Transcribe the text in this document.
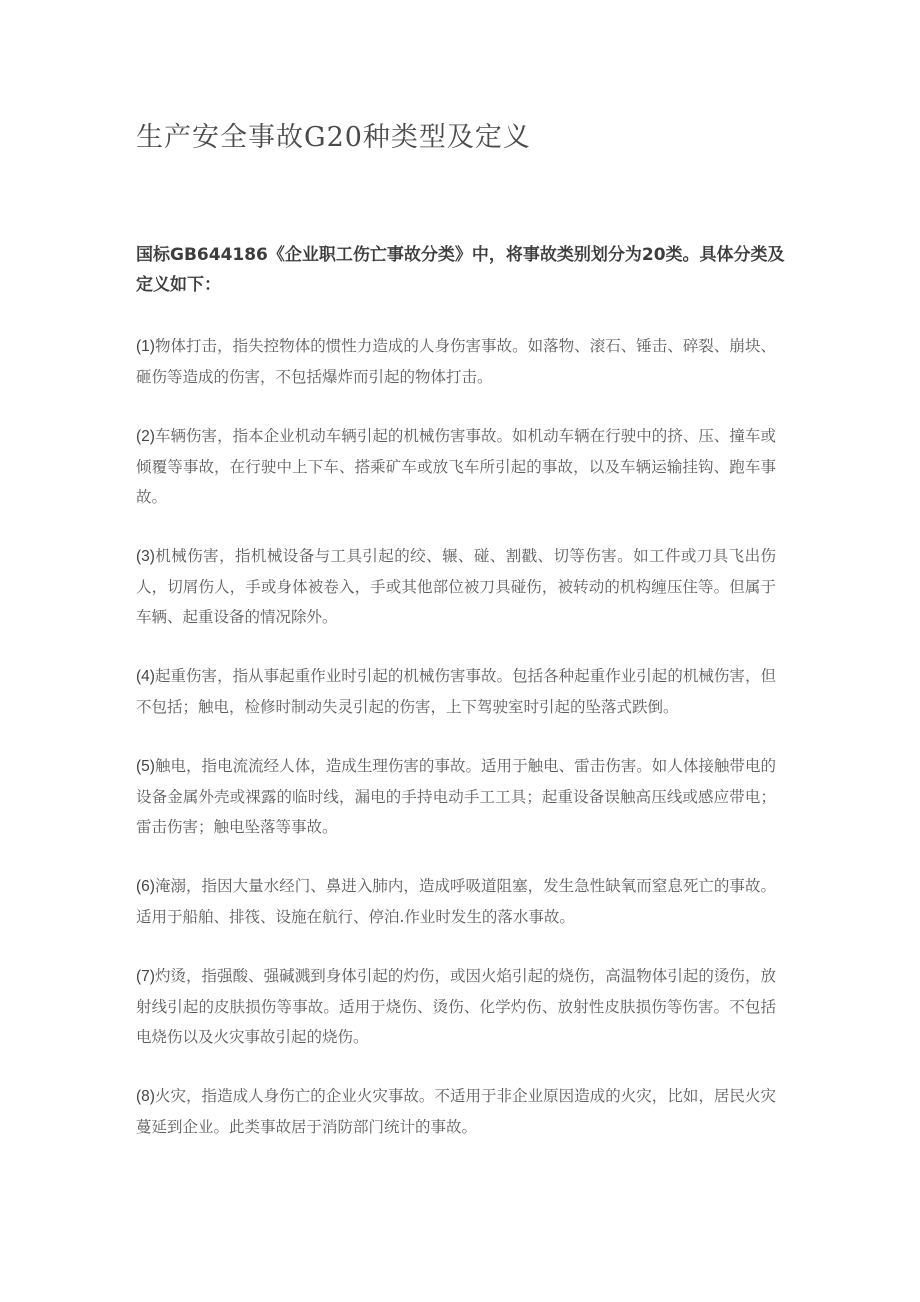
生产安全事故G20种类型及定义

国标GB644186《企业职工伤亡事故分类》中，将事故类别划分为20类。具体分类及定义如下：

(1)物体打击，指失控物体的惯性力造成的人身伤害事故。如落物、滚石、锤击、碎裂、崩块、砸伤等造成的伤害，不包括爆炸而引起的物体打击。

(2)车辆伤害，指本企业机动车辆引起的机械伤害事故。如机动车辆在行驶中的挤、压、撞车或倾覆等事故，在行驶中上下车、搭乘矿车或放飞车所引起的事故，以及车辆运输挂钩、跑车事故。

(3)机械伤害，指机械设备与工具引起的绞、辗、碰、割戳、切等伤害。如工件或刀具飞出伤人，切屑伤人，手或身体被卷入，手或其他部位被刀具碰伤，被转动的机构缠压住等。但属于车辆、起重设备的情况除外。

(4)起重伤害，指从事起重作业时引起的机械伤害事故。包括各种起重作业引起的机械伤害，但不包括；触电，检修时制动失灵引起的伤害，上下驾驶室时引起的坠落式跌倒。

(5)触电，指电流流经人体，造成生理伤害的事故。适用于触电、雷击伤害。如人体接触带电的设备金属外壳或裸露的临时线，漏电的手持电动手工工具；起重设备误触高压线或感应带电；雷击伤害；触电坠落等事故。

(6)淹溺，指因大量水经门、鼻进入肺内，造成呼吸道阻塞，发生急性缺氧而窒息死亡的事故。适用于船舶、排筏、设施在航行、停泊.作业时发生的落水事故。

(7)灼烫，指强酸、强碱溅到身体引起的灼伤，或因火焰引起的烧伤，高温物体引起的烫伤，放射线引起的皮肤损伤等事故。适用于烧伤、烫伤、化学灼伤、放射性皮肤损伤等伤害。不包括电烧伤以及火灾事故引起的烧伤。

(8)火灾，指造成人身伤亡的企业火灾事故。不适用于非企业原因造成的火灾，比如，居民火灾蔓延到企业。此类事故居于消防部门统计的事故。
